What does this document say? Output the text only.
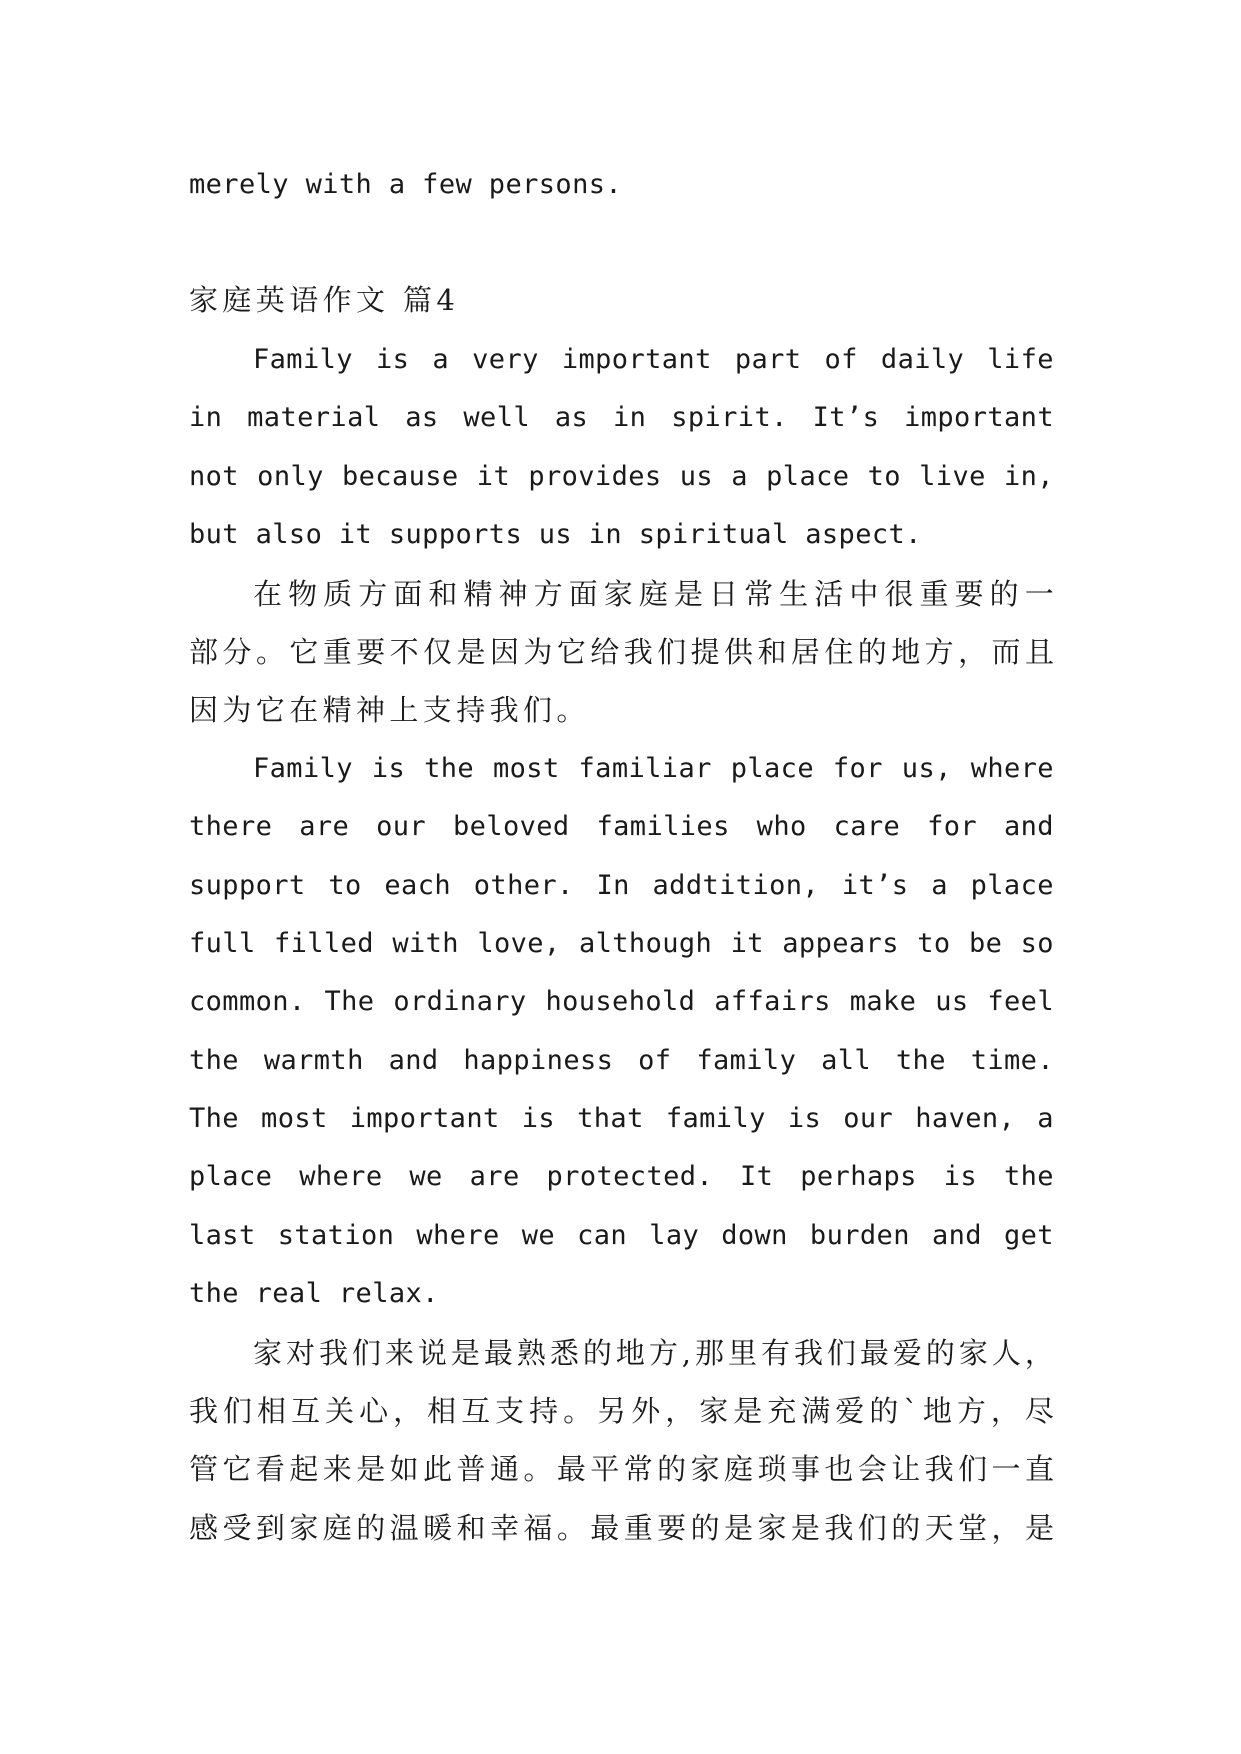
merely with a few persons.
家庭英语作文 篇4
Family is a very important part of daily life
in material as well as in spirit. It’s important
not only because it provides us a place to live in,
but also it supports us in spiritual aspect.
在 物 质 方 面 和 精 神 方 面 家 庭 是 日 常 生 活 中 很 重 要 的 一
部 分 。 它 重 要 不 仅 是 因 为 它 给 我 们 提 供 和 居 住 的 地 方 ， 而 且
因为它在精神上支持我们。
Family is the most familiar place for us, where
there are our beloved families who care for and
support to each other. In addtition, it’s a place
full filled with love, although it appears to be so
common. The ordinary household affairs make us feel
the warmth and happiness of family all the time.
The most important is that family is our haven, a
place where we are protected. It perhaps is the
last station where we can lay down burden and get
the real relax.
家 对 我 们 来 说 是 最 熟 悉 的 地 方 , 那 里 有 我 们 最 爱 的 家 人 ，
我 们 相 互 关 心 ， 相 互 支 持 。 另 外 ， 家 是 充 满 爱 的 ` 地 方 ， 尽
管 它 看 起 来 是 如 此 普 通 。 最 平 常 的 家 庭 琐 事 也 会 让 我 们 一 直
感 受 到 家 庭 的 温 暖 和 幸 福 。 最 重 要 的 是 家 是 我 们 的 天 堂 ， 是
